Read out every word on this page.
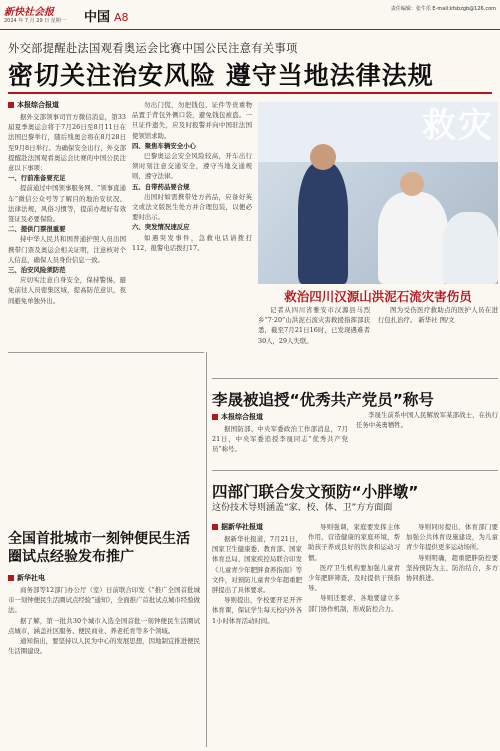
新快社会报
2024 年 7 月 29 日 星期一 中国 A8
责任编辑：张牛乐 E-mail:kfsbzgb@126.com
外交部提醒赴法国观看奥运会比赛中国公民注意有关事项
密切关注治安风险 遵守当地法律法规
本报综合报道

据外交部领事司官方微信消息，第33届夏季奥运会将于7月26日至8月11日在法国巴黎举行，随后残奥会将在8月28日至9月8日举行。为确保安全出行，外交部提醒赴法国观看奥运会比赛的中国公民注意以下事项：

一、行前准备要充足

提前通过中国领事服务网、“领事直通车”微信公众号等了解目的地治安状况、法律法规、风俗习惯等，提前办理好有效签证及必要保险。

二、提供门票很重要

持中华人民共和国普通护照人员出国携带门票及奥运会相关证明，注意核对个人信息，确保人员身份信息一致。

三、治安风险须防范

应切实注意自身安全，保持警惕，避免前往人员密集区域，提高防范意识，夜间避免单独外出。

勿出门慌，勿把钱包、证件等贵重物品置于背包外侧口袋，避免钱包被盗。一旦证件遗失，应及时报警并向中国驻法国使领馆求助。

四、聚焦车辆安全小心

巴黎奥运会安全风险较高，开车出行须时刻注意交通安全，遵守当地交通规则，遵守法律。

五、自带药品要合规

出国时如需携带处方药品，应备好英文或法文版医生处方并合理包装，以便必要时出示。

六、突发情况速反应

如遇突发事件，急救电话请拨打112，报警电话拨打17。

救灾
救治四川汉源山洪泥石流灾害伤员

记者从四川省雅安市汉源县马烈乡“7·20”山洪泥石流灾害救援指挥部获悉，截至7月21日16时，已发现遇难者30人，29人失联。

图为受伤医疗救助点的医护人员在进行包扎治疗。 新华社 图/文

李晟被追授“优秀共产党员”称号
本报综合报道

据国防部、中央军委政治工作部消息，7月21日，中央军委追授李晟同志“优秀共产党员”称号。

李晟生前系中国人民解放军某部战士，在执行任务中英勇牺牲。

全国首批城市一刻钟便民生活圈试点经验发布推广
新华社电

商务部等12部门办公厅（室）日前联合印发《“推广全国首批城市一刻钟便民生活圈试点经验”通知》，全面推广首批试点城市经验做法。

据了解，第一批共30个城市入选全国首批一刻钟便民生活圈试点城市，涵盖社区服务、便民商业、养老托育等多个领域。

通知指出，要坚持以人民为中心的发展思想，因地制宜推进便民生活圈建设。

四部门联合发文预防“小胖墩”
这份技术导则涵盖“家、校、体、卫”方方面面
据新华社报道

据新华社报道，7月21日，国家卫生健康委、教育部、国家体育总局、国家疾控局联合印发《儿童青少年肥胖食养指南》等文件，对预防儿童青少年超重肥胖提出了具体要求。

导则提出，学校要开足开齐体育课，保证学生每天校内外各1小时体育活动时间。

导则强调，家庭要发挥主体作用，营造健康的家庭环境，帮助孩子养成良好的饮食和运动习惯。

医疗卫生机构要加强儿童青少年肥胖筛查，及时提供干预指导。

导则还要求，各地要建立多部门协作机制，形成防控合力。

导则同时提出，体育部门要加强公共体育设施建设，为儿童青少年提供更多运动场所。

导则明确，超重肥胖防控要坚持预防为主、防治结合，多方协同推进。
